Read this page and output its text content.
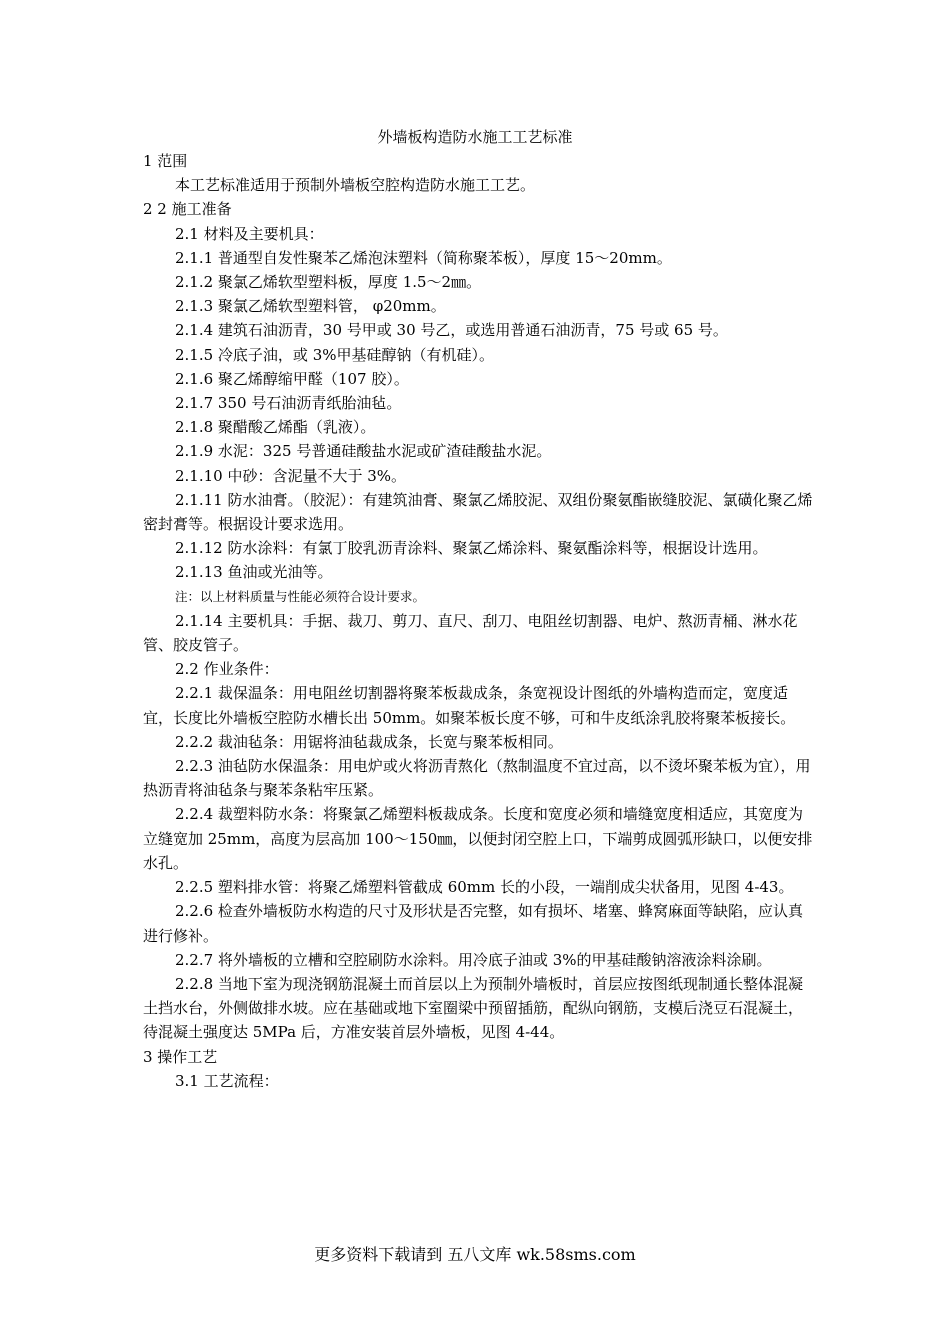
外墙板构造防水施工工艺标准

1 范围

本工艺标准适用于预制外墙板空腔构造防水施工工艺。

2 2 施工准备

2.1 材料及主要机具：

2.1.1 普通型自发性聚苯乙烯泡沫塑料（简称聚苯板），厚度 15～20mm。

2.1.2 聚氯乙烯软型塑料板，厚度 1.5～2㎜。

2.1.3 聚氯乙烯软型塑料管， φ20mm。

2.1.4 建筑石油沥青，30 号甲或 30 号乙，或选用普通石油沥青，75 号或 65 号。

2.1.5 冷底子油，或 3%甲基硅醇钠（有机硅）。

2.1.6 聚乙烯醇缩甲醛（107 胶）。

2.1.7 350 号石油沥青纸胎油毡。

2.1.8 聚醋酸乙烯酯（乳液）。

2.1.9 水泥：325 号普通硅酸盐水泥或矿渣硅酸盐水泥。

2.1.10 中砂：含泥量不大于 3%。

2.1.11 防水油膏。（胶泥）：有建筑油膏、聚氯乙烯胶泥、双组份聚氨酯嵌缝胶泥、氯磺化聚乙烯密封膏等。根据设计要求选用。

2.1.12 防水涂料：有氯丁胶乳沥青涂料、聚氯乙烯涂料、聚氨酯涂料等，根据设计选用。

2.1.13 鱼油或光油等。

注：以上材料质量与性能必须符合设计要求。

2.1.14 主要机具：手据、裁刀、剪刀、直尺、刮刀、电阻丝切割器、电炉、熬沥青桶、淋水花管、胶皮管子。

2.2 作业条件：

2.2.1 裁保温条：用电阻丝切割器将聚苯板裁成条，条宽视设计图纸的外墙构造而定，宽度适宜，长度比外墙板空腔防水槽长出 50mm。如聚苯板长度不够，可和牛皮纸涂乳胶将聚苯板接长。

2.2.2 裁油毡条：用锯将油毡裁成条，长宽与聚苯板相同。

2.2.3 油毡防水保温条：用电炉或火将沥青熬化（熬制温度不宜过高，以不烫坏聚苯板为宜），用热沥青将油毡条与聚苯条粘牢压紧。

2.2.4 裁塑料防水条：将聚氯乙烯塑料板裁成条。长度和宽度必须和墙缝宽度相适应，其宽度为立缝宽加 25mm，高度为层高加 100～150㎜，以便封闭空腔上口，下端剪成圆弧形缺口，以便安排水孔。

2.2.5 塑料排水管：将聚乙烯塑料管截成 60mm 长的小段，一端削成尖状备用，见图 4-43。

2.2.6 检查外墙板防水构造的尺寸及形状是否完整，如有损坏、堵塞、蜂窝麻面等缺陷，应认真进行修补。

2.2.7 将外墙板的立槽和空腔刷防水涂料。用冷底子油或 3%的甲基硅酸钠溶液涂料涂刷。

2.2.8 当地下室为现浇钢筋混凝土而首层以上为预制外墙板时，首层应按图纸现制通长整体混凝土挡水台，外侧做排水坡。应在基础或地下室圈梁中预留插筋，配纵向钢筋，支模后浇豆石混凝土，待混凝土强度达 5MPa 后，方准安装首层外墙板，见图 4-44。

3 操作工艺

3.1 工艺流程：

更多资料下载请到 五八文库 wk.58sms.com
